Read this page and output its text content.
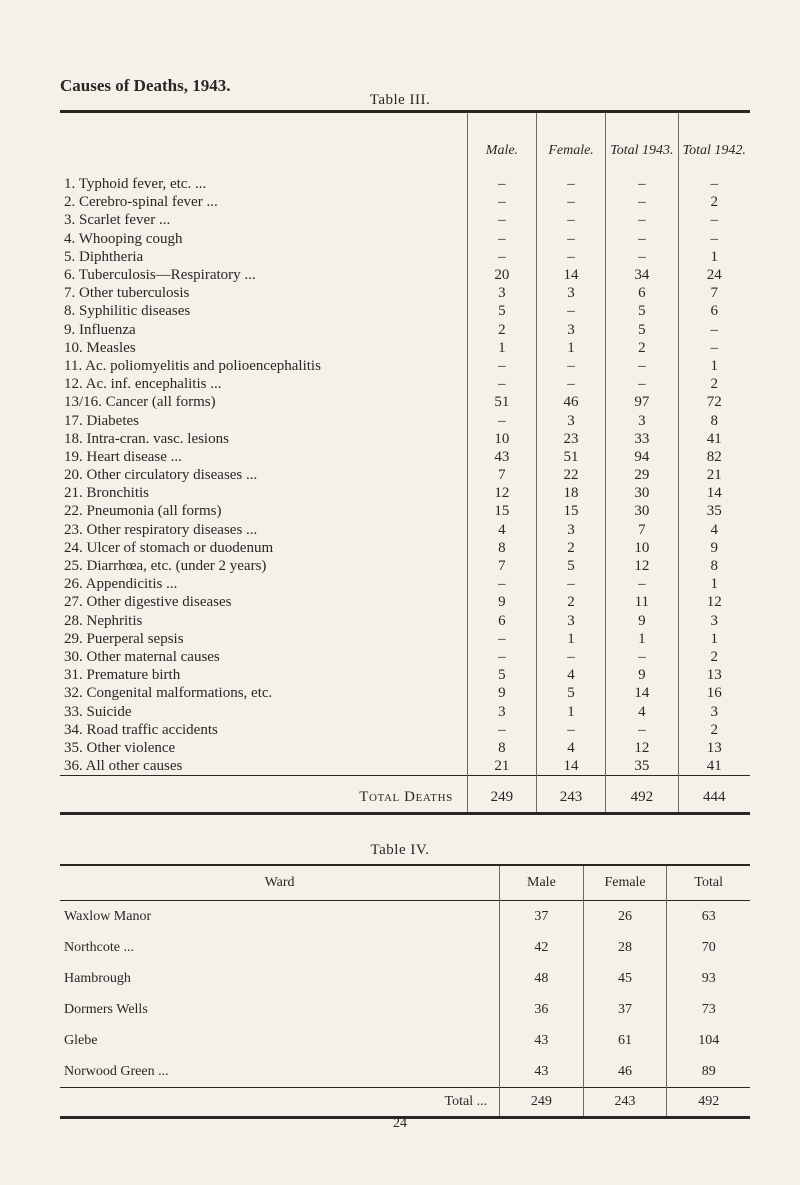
Causes of Deaths, 1943.
Table III.
	Male.	Female.	Total 1943.	Total 1942.
1. Typhoid fever, etc. ...	–	–	–	–
2. Cerebro-spinal fever ...	–	–	–	2
3. Scarlet fever ...	–	–	–	–
4. Whooping cough	–	–	–	–
5. Diphtheria	–	–	–	1
6. Tuberculosis—Respiratory ...	20	14	34	24
7. Other tuberculosis	3	3	6	7
8. Syphilitic diseases	5	–	5	6
9. Influenza	2	3	5	–
10. Measles	1	1	2	–
11. Ac. poliomyelitis and polioencephalitis	–	–	–	1
12. Ac. inf. encephalitis ...	–	–	–	2
13/16. Cancer (all forms)	51	46	97	72
17. Diabetes	–	3	3	8
18. Intra-cran. vasc. lesions	10	23	33	41
19. Heart disease ...	43	51	94	82
20. Other circulatory diseases ...	7	22	29	21
21. Bronchitis	12	18	30	14
22. Pneumonia (all forms)	15	15	30	35
23. Other respiratory diseases ...	4	3	7	4
24. Ulcer of stomach or duodenum	8	2	10	9
25. Diarrhœa, etc. (under 2 years)	7	5	12	8
26. Appendicitis ...	–	–	–	1
27. Other digestive diseases	9	2	11	12
28. Nephritis	6	3	9	3
29. Puerperal sepsis	–	1	1	1
30. Other maternal causes	–	–	–	2
31. Premature birth	5	4	9	13
32. Congenital malformations, etc.	9	5	14	16
33. Suicide	3	1	4	3
34. Road traffic accidents	–	–	–	2
35. Other violence	8	4	12	13
36. All other causes	21	14	35	41
Total Deaths	249	243	492	444
Table IV.
Ward	Male	Female	Total
Waxlow Manor	37	26	63
Northcote ...	42	28	70
Hambrough	48	45	93
Dormers Wells	36	37	73
Glebe	43	61	104
Norwood Green ...	43	46	89
Total ...	249	243	492
24
